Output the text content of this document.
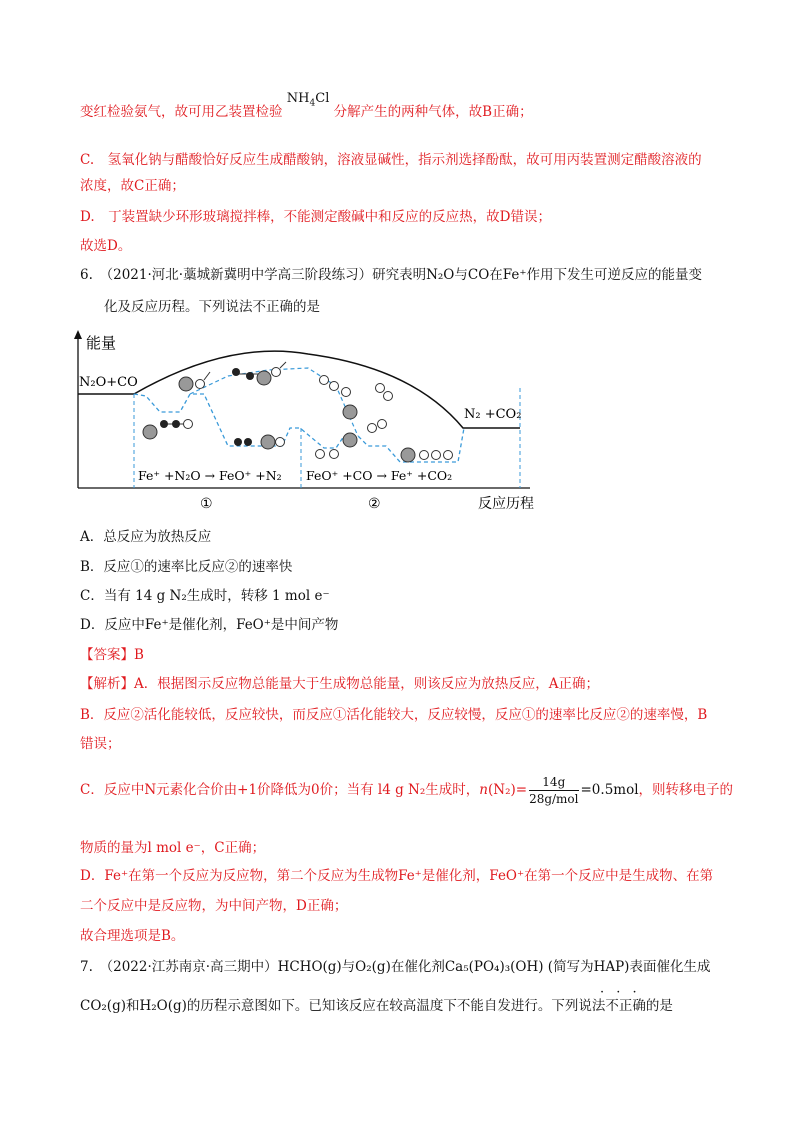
变红检验氨气，故可用乙装置检验 $NH_4Cl$ 分解产生的两种气体，故B正确；
C.　氢氧化钠与醋酸恰好反应生成醋酸钠，溶液显碱性，指示剂选择酚酞，故可用丙装置测定醋酸溶液的
浓度，故C正确；
D.　丁装置缺少环形玻璃搅拌棒，不能测定酸碱中和反应的反应热，故D错误；
故选D。
6.　（2021·河北·藁城新冀明中学高三阶段练习）研究表明N₂O与CO在Fe⁺作用下发生可逆反应的能量变
化及反应历程。下列说法不正确的是
能量
N₂O+CO
N₂ +CO₂
Fe⁺ +N₂O → FeO⁺ +N₂ FeO⁺ +CO → Fe⁺ +CO₂
①	②	反应历程
A．总反应为放热反应
B．反应①的速率比反应②的速率快
C．当有 14 g N₂生成时，转移 1 mol e⁻
D．反应中Fe⁺是催化剂，FeO⁺是中间产物
【答案】B
【解析】A．根据图示反应物总能量大于生成物总能量，则该反应为放热反应，A正确；
B．反应②活化能较低，反应较快，而反应①活化能较大，反应较慢，反应①的速率比反应②的速率慢，B
错误；
C．反应中N元素化合价由+1价降低为0价；当有 l4 g N₂生成时，$n(N_2)= \frac{14g}{\text{28g/mol}} =0.5mol$，则转移电子的
物质的量为l mol e⁻，C正确；
D．Fe⁺在第一个反应为反应物，第二个反应为生成物Fe⁺是催化剂，FeO⁺在第一个反应中是生成物、在第
二个反应中是反应物，为中间产物，D正确；
故合理选项是B。
7.　（2022·江苏南京·高三期中）HCHO(g)与O₂(g)在催化剂Ca₅(PO₄)₃(OH) (简写为HAP)表面催化生成
· · ·
CO₂(g)和H₂O(g)的历程示意图如下。已知该反应在较高温度下不能自发进行。下列说法不正确的是
